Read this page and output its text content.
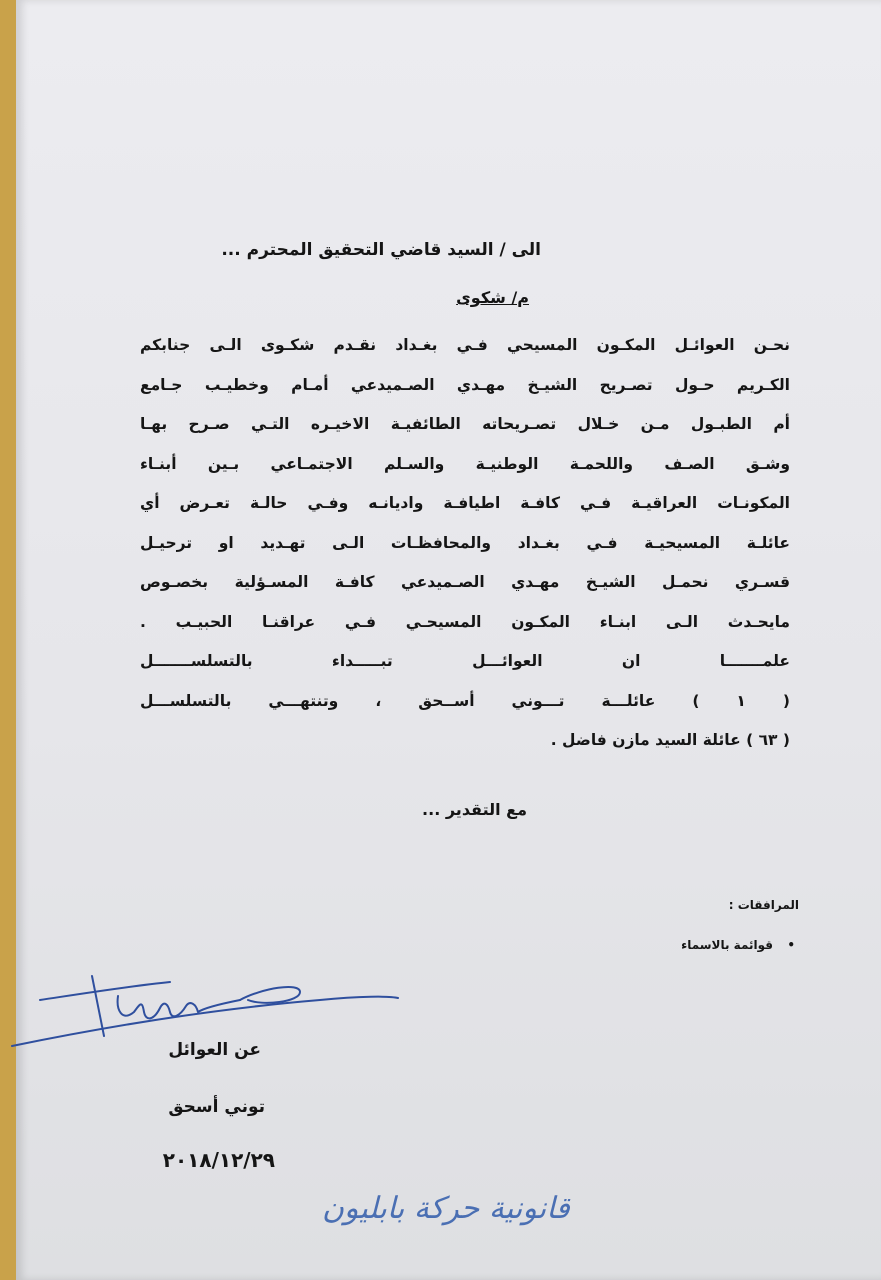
الى / السيد قاضي التحقيق المحترم ...
م/ شكوى
نحـن العوائـل المكـون المسيحي فـي بغـداد نقـدم شكـوى الـى جنابكم
الكـريم حـول تصـريح الشيـخ مهـدي الصـميدعي أمـام وخطيـب جـامع
أم الطبـول مـن خـلال تصـريحاته الطائفيـة الاخيـره التـي صـرح بهـا
وشـق الصـف واللحمـة الوطنيـة والسـلم الاجتمـاعي بـين أبنـاء
المكونـات العراقيـة فـي كافـة اطيافـة واديانـه وفـي حالـة تعـرض أي
عائلـة المسيحيـة فـي بغـداد والمحافظـات الـى تهـديد او ترحيـل
قسـري نحمـل الشيـخ مهـدي الصـميدعي كافـة المسـؤلية بخصـوص
مايحـدث الـى ابنـاء المكـون المسيحـي فـي عراقنـا الحبيـب .
علمـــــــا ان العوائـــل تبـــــداء بالتسلســـــــل
( ١ ) عائلـــة تـــوني أســحق ، وتنتهـــي بالتسلســـل
( ٦٣ ) عائلة السيد مازن فاضل .
مع التقدير ...
المرافقات :
• قوائمة بالاسماء
عن العوائل
توني أسحق
٢٠١٨/١٢/٢٩
قانونية حركة بابليون
